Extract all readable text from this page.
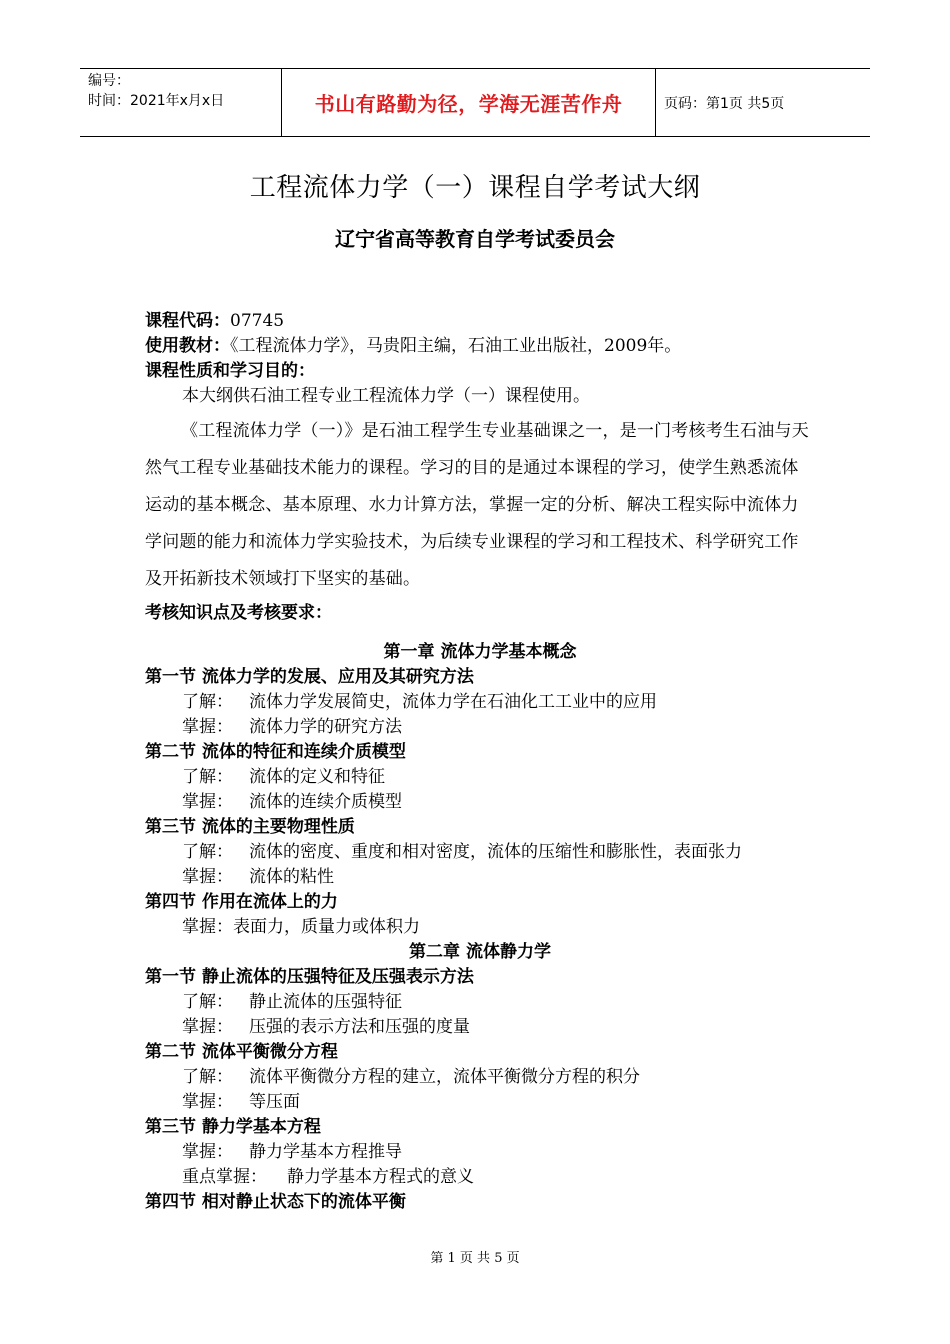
编号：
时间：2021年x月x日	书山有路勤为径，学海无涯苦作舟	页码：第1页 共5页
工程流体力学（一）课程自学考试大纲
辽宁省高等教育自学考试委员会
课程代码：07745
使用教材：《工程流体力学》，马贵阳主编，石油工业出版社，2009年。
课程性质和学习目的：
本大纲供石油工程专业工程流体力学（一）课程使用。
《工程流体力学（一）》是石油工程学生专业基础课之一，是一门考核考生石油与天然气工程专业基础技术能力的课程。学习的目的是通过本课程的学习，使学生熟悉流体运动的基本概念、基本原理、水力计算方法，掌握一定的分析、解决工程实际中流体力学问题的能力和流体力学实验技术，为后续专业课程的学习和工程技术、科学研究工作及开拓新技术领域打下坚实的基础。
考核知识点及考核要求：
第一章 流体力学基本概念
第一节 流体力学的发展、应用及其研究方法
了解： 流体力学发展简史，流体力学在石油化工工业中的应用
掌握： 流体力学的研究方法
第二节 流体的特征和连续介质模型
了解： 流体的定义和特征
掌握： 流体的连续介质模型
第三节 流体的主要物理性质
了解： 流体的密度、重度和相对密度，流体的压缩性和膨胀性，表面张力
掌握： 流体的粘性
第四节 作用在流体上的力
掌握：表面力，质量力或体积力
第二章 流体静力学
第一节 静止流体的压强特征及压强表示方法
了解： 静止流体的压强特征
掌握： 压强的表示方法和压强的度量
第二节 流体平衡微分方程
了解： 流体平衡微分方程的建立，流体平衡微分方程的积分
掌握： 等压面
第三节 静力学基本方程
掌握： 静力学基本方程推导
重点掌握： 静力学基本方程式的意义
第四节 相对静止状态下的流体平衡
第 1 页 共 5 页
